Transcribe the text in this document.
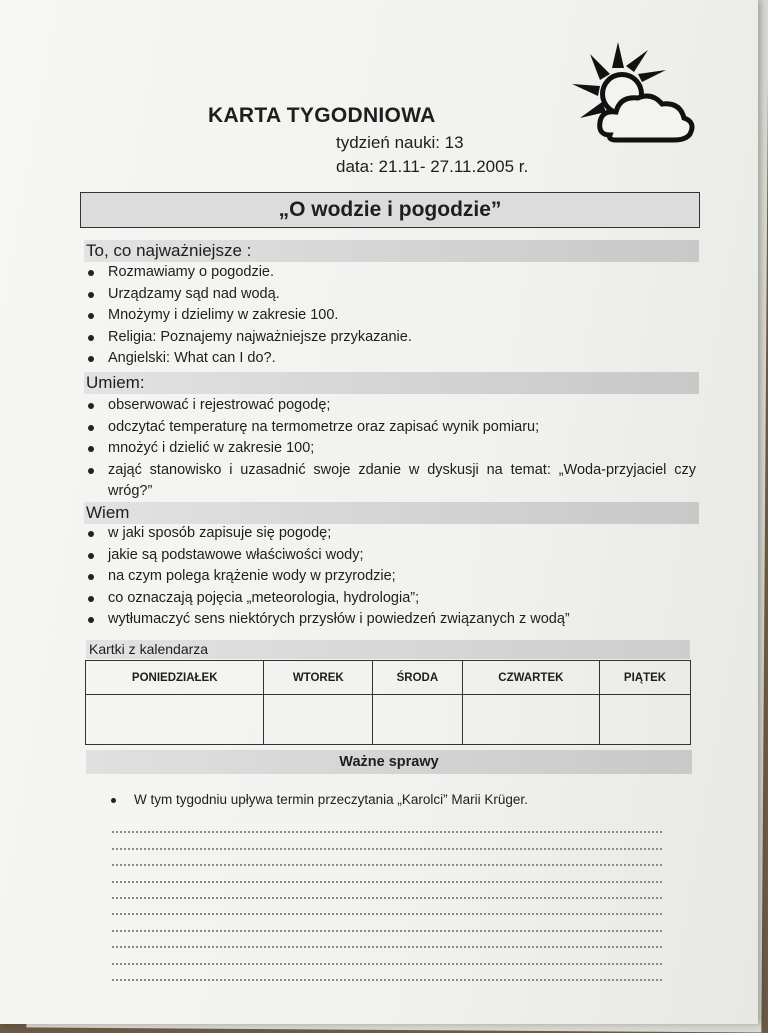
KARTA TYGODNIOWA
tydzień nauki: 13
data: 21.11- 27.11.2005 r.
„O wodzie i pogodzie”
To, co najważniejsze :
Rozmawiamy o pogodzie.
Urządzamy sąd nad wodą.
Mnożymy i dzielimy w zakresie 100.
Religia: Poznajemy najważniejsze przykazanie.
Angielski: What can I do?.
Umiem:
obserwować i rejestrować pogodę;
odczytać temperaturę na termometrze oraz zapisać wynik pomiaru;
mnożyć i dzielić w zakresie 100;
zająć stanowisko i uzasadnić swoje zdanie w dyskusji na temat: „Woda-przyjaciel czy wróg?”
Wiem
w jaki sposób zapisuje się pogodę;
jakie są podstawowe właściwości wody;
na czym polega krążenie wody w przyrodzie;
co oznaczają pojęcia „meteorologia, hydrologia”;
wytłumaczyć sens niektórych przysłów i powiedzeń związanych z wodą”
Kartki z kalendarza
PONIEDZIAŁEK	WTOREK	ŚRODA	CZWARTEK	PIĄTEK

Ważne sprawy
W tym tygodniu upływa termin przeczytania „Karolci” Marii Krüger.
